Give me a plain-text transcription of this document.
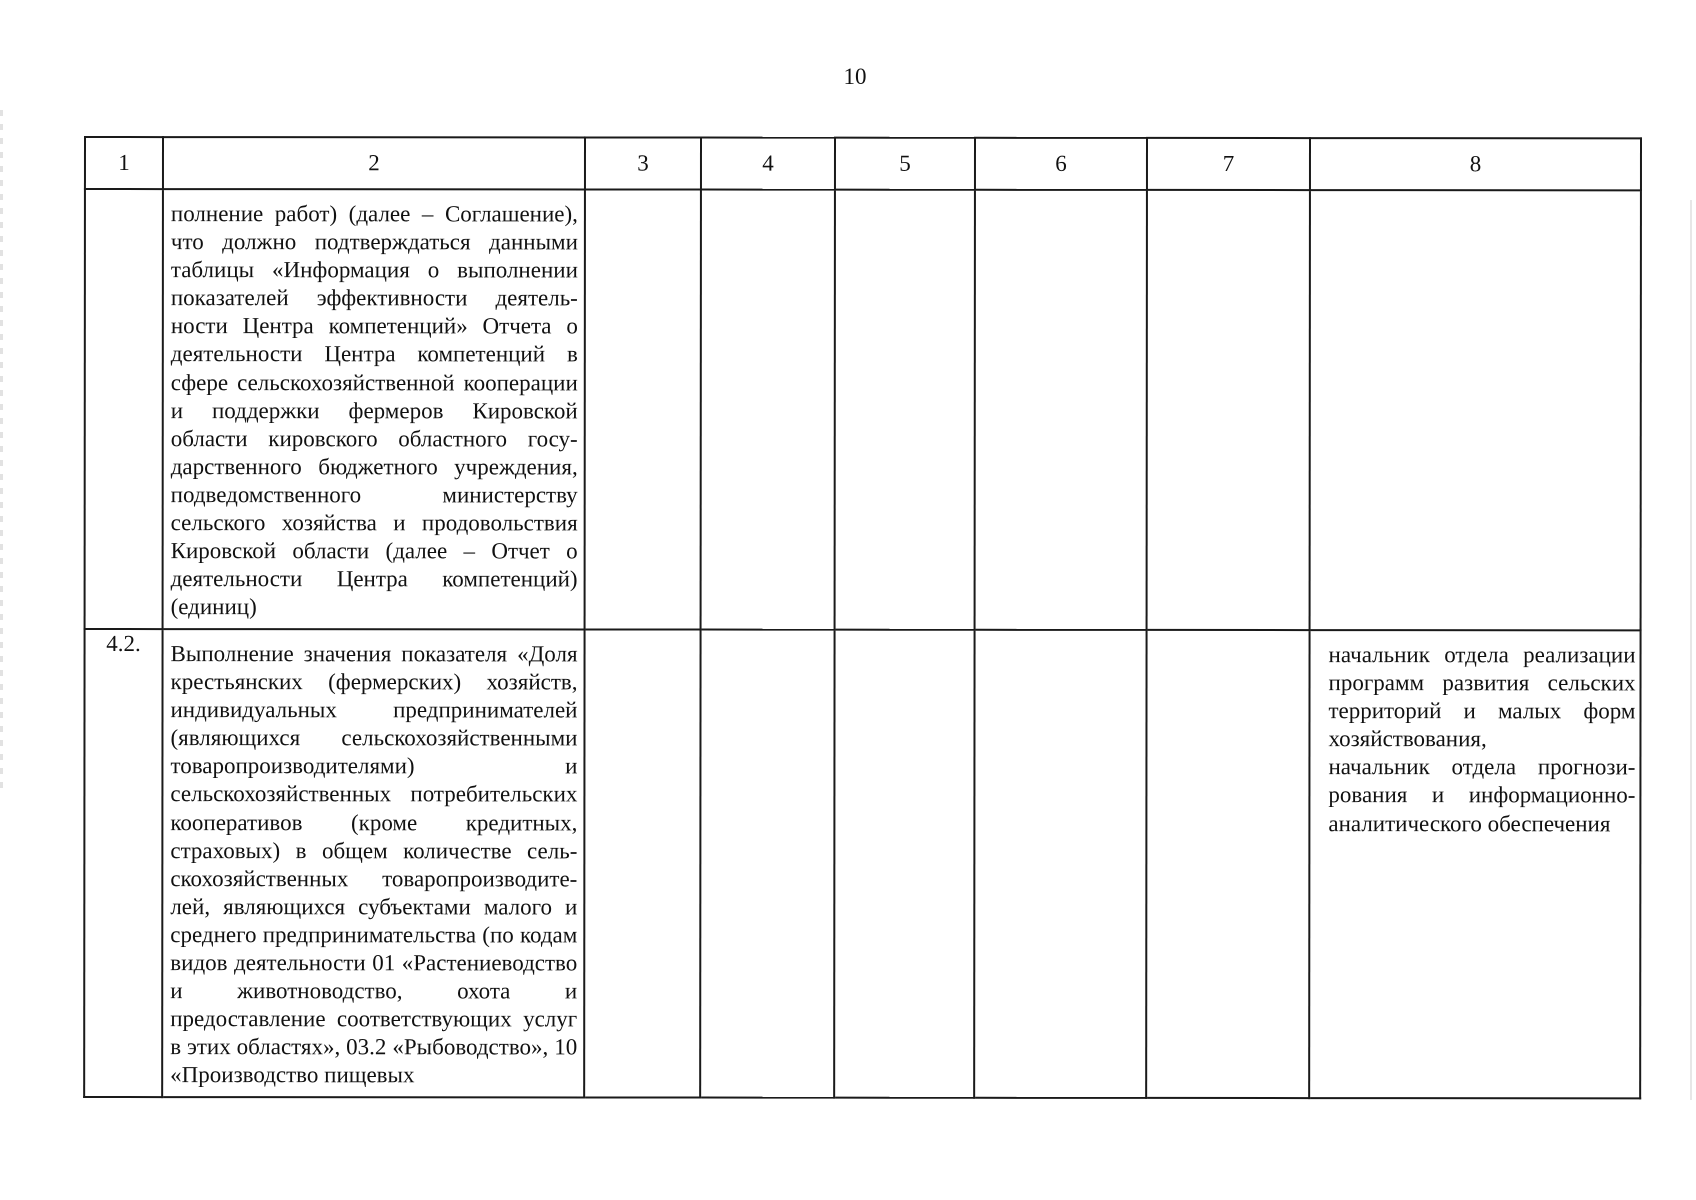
10
1	2	3	4	5	6	7	8

	полнение работ) (далее – Соглашение), что должно подтверждаться данными таблицы «Информация о выполнении показателей эффективности деятельности Центра компетенций» Отчета о деятельности Центра компетенций в сфере сельскохозяйственной кооперации и поддержки фермеров Кировской области кировского областного государственного бюджетного учреждения, подведомственного министерству сельского хозяйства и продовольствия Кировской области (далее – Отчет о деятельности Центра компетенций) (единиц)						

4.2.	Выполнение значения показателя «Доля крестьянских (фермерских) хозяйств, индивидуальных предпринимателей (являющихся сельскохозяйственными товаропроизводителями) и сельскохозяйственных потребительских кооперативов (кроме кредитных, страховых) в общем количестве сельскохозяйственных товаропроизводителей, являющихся субъектами малого и среднего предпринимательства (по кодам видов деятельности 01 «Растениеводство и животноводство, охота и предоставление соответствующих услуг в этих областях», 03.2 «Рыбоводство», 10 «Производство пищевых						начальник отдела реализации программ развития сельских территорий и малых форм хозяйствования,
начальник отдела прогнозирования и информационно-аналитического обеспечения
